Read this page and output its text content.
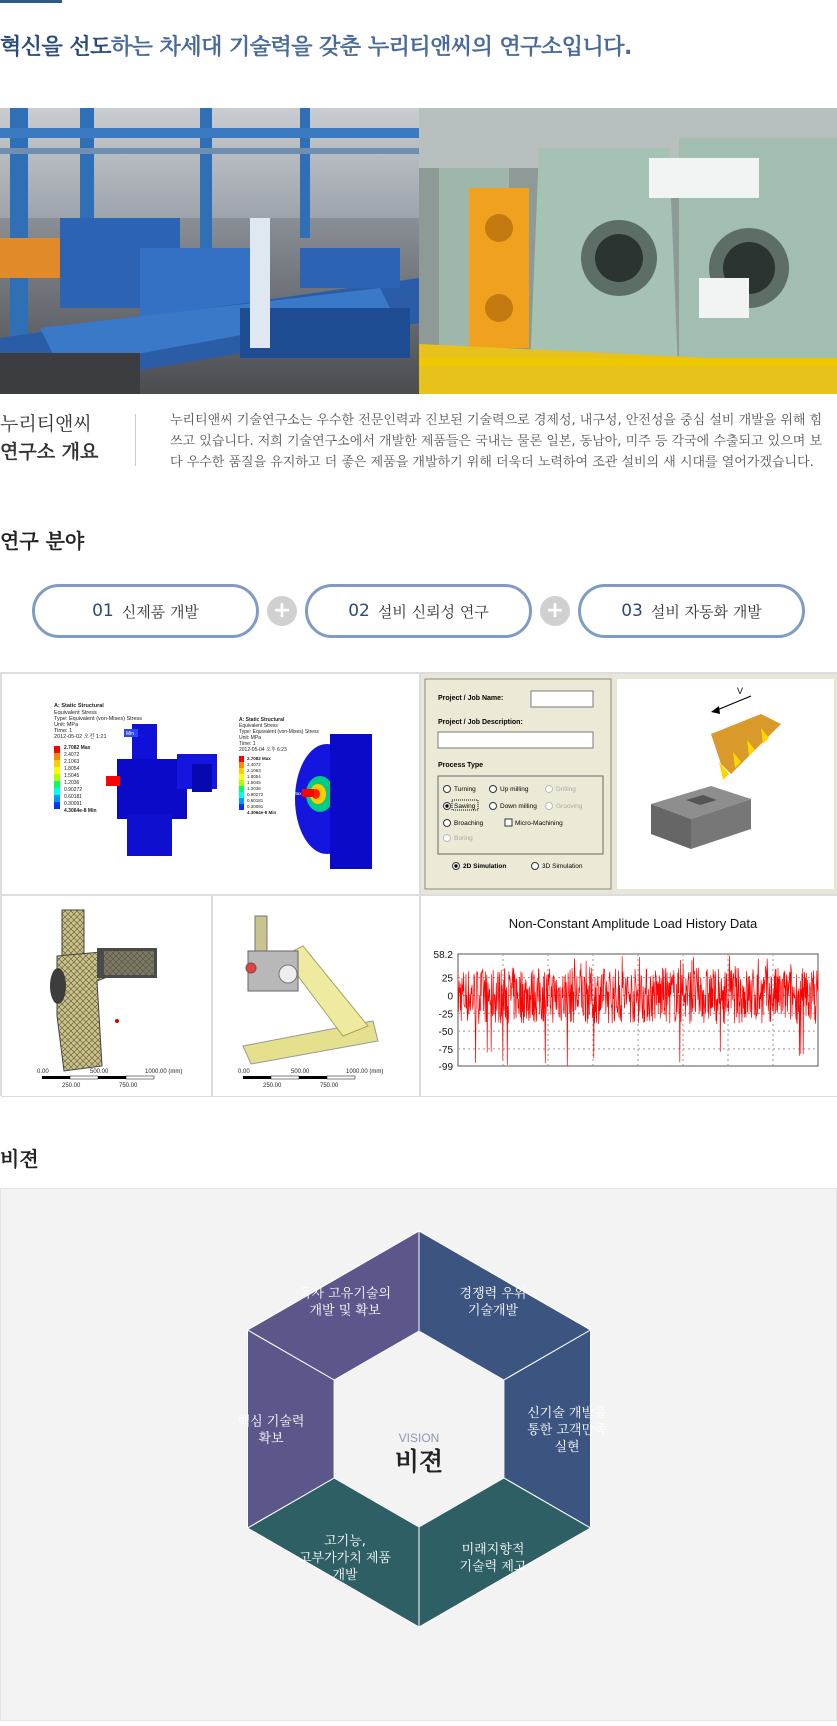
혁신을 선도하는 차세대 기술력을 갖춘 누리티앤씨의 연구소입니다.
누리티앤씨
연구소 개요

누리티앤씨 기술연구소는 우수한 전문인력과 진보된 기술력으로 경제성, 내구성, 안전성을 중심 설비 개발을 위해 힘쓰고 있습니다. 저희 기술연구소에서 개발한 제품들은 국내는 물론 일본, 동남아, 미주 등 각국에 수출되고 있으며 보다 우수한 품질을 유지하고 더 좋은 제품을 개발하기 위해 더욱더 노력하여 조관 설비의 새 시대를 열어가겠습니다.

연구 분야
01 신제품 개발	+	02 설비 신뢰성 연구	+	03 설비 자동화 개발
A: Static Structural
Equivalent Stress
Type: Equivalent (von-Mises) Stress
Unit: MPa
Time: 1
2012-05-02 오전 1:21
2.7082 Max
2.4072
2.1063
1.8054
1.5045
1.2036
0.90272
0.60181
0.30091
4.3064e-8 Min
Min
Max
A: Static Structural
Equivalent Stress
Type: Equivalent (von-Mises) Stress
Unit: MPa
Time: 1
2012-05-04 오후 6:23
2.7082 Max
2.4072
2.1063
1.8054
1.5045
1.2036
0.90272
0.60181
0.30091
4.3064e-8 Min
Max
Project / Job Name:
Project / Job Description:
Process Type
Turning	Up milling	Drilling
Sawing	Down milling	Grooving
Broaching	Micro-Machining
Boring
2D Simulation	3D Simulation
V
0.00	500.00	1000.00 (mm)
250.00	750.00
0.00	500.00	1000.00 (mm)
250.00	750.00
Non-Constant Amplitude Load History Data
58.2
25
0
-25
-50
-75
-99
비젼
독자 고유기술의
개발 및 확보
경쟁력 우위
기술개발
신기술 개발을
통한 고객만족
실현
미래지향적
기술력 제고
고기능,
고부가가치 제품
개발
핵심 기술력
확보	VISION
비젼
